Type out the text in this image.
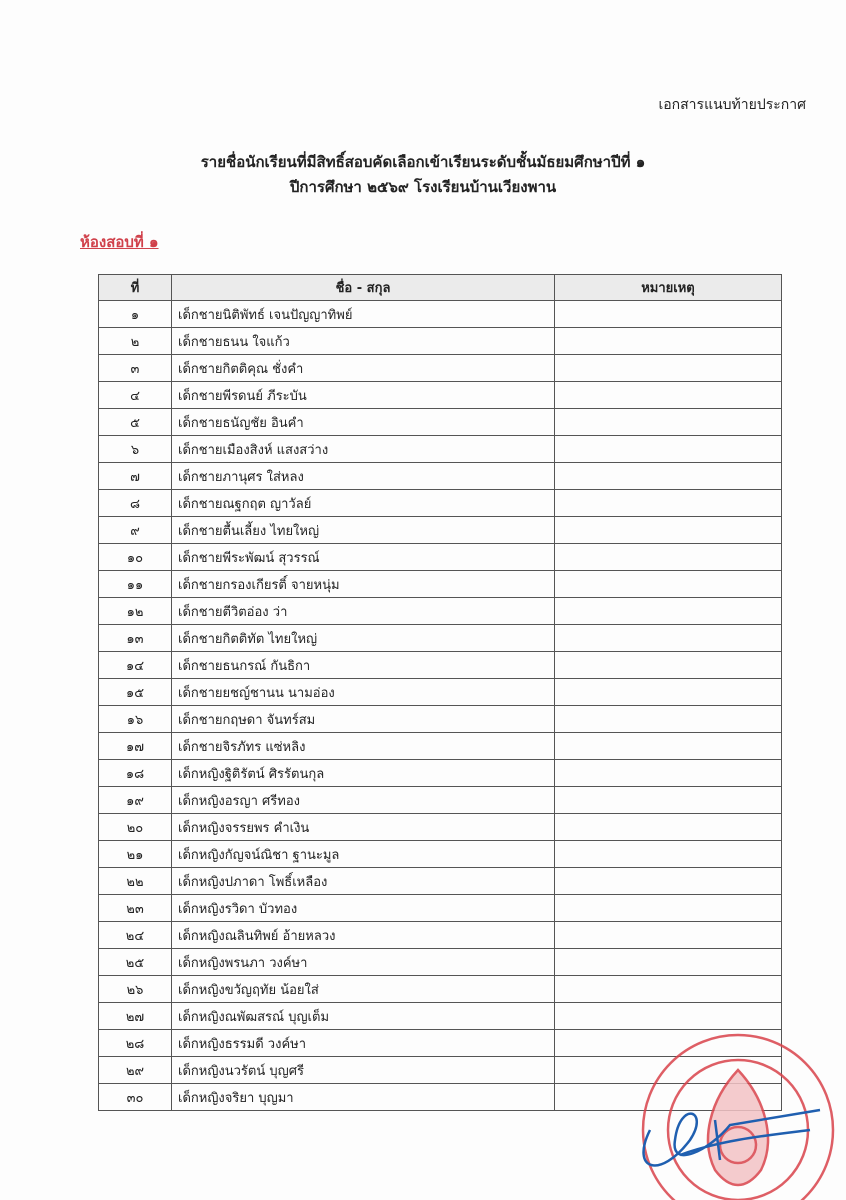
เอกสารแนบท้ายประกาศ
รายชื่อนักเรียนที่มีสิทธิ์สอบคัดเลือกเข้าเรียนระดับชั้นมัธยมศึกษาปีที่ ๑
ปีการศึกษา ๒๕๖๙ โรงเรียนบ้านเวียงพาน
ห้องสอบที่ ๑
ที่	ชื่อ - สกุล	หมายเหตุ
๑	เด็กชายนิติพัทธ์ เจนปัญญาทิพย์	
๒	เด็กชายธนน ใจแก้ว	
๓	เด็กชายกิตติคุณ ชั่งคำ	
๔	เด็กชายพีรดนย์ ภีระบัน	
๕	เด็กชายธนัญชัย อินคำ	
๖	เด็กชายเมืองสิงห์ แสงสว่าง	
๗	เด็กชายภานุศร ใส่หลง	
๘	เด็กชายณฐกฤต ญาวัลย์	
๙	เด็กชายตื้นเลี้ยง ไทยใหญ่	
๑๐	เด็กชายพีระพัฒน์ สุวรรณ์	
๑๑	เด็กชายกรองเกียรติ์ จายหนุ่ม	
๑๒	เด็กชายตีวิตอ่อง ว่า	
๑๓	เด็กชายกิตติทัต ไทยใหญ่	
๑๔	เด็กชายธนกรณ์ กันธิกา	
๑๕	เด็กชายยชญ์ชานน นามอ่อง	
๑๖	เด็กชายกฤษดา จันทร์สม	
๑๗	เด็กชายจิรภัทร แซ่หลิง	
๑๘	เด็กหญิงฐิติรัตน์ ศิรรัตนกุล	
๑๙	เด็กหญิงอรญา ศรีทอง	
๒๐	เด็กหญิงจรรยพร คำเงิน	
๒๑	เด็กหญิงกัญจน์ณิชา ฐานะมูล	
๒๒	เด็กหญิงปภาดา โพธิ์เหลือง	
๒๓	เด็กหญิงรวิดา บัวทอง	
๒๔	เด็กหญิงณลินทิพย์ อ้ายหลวง	
๒๕	เด็กหญิงพรนภา วงค์ษา	
๒๖	เด็กหญิงขวัญฤทัย น้อยใส่	
๒๗	เด็กหญิงณพัฒสรณ์ บุญเต็ม	
๒๘	เด็กหญิงธรรมดี วงค์ษา	
๒๙	เด็กหญิงนวรัตน์ บุญศรี	
๓๐	เด็กหญิงจริยา บุญมา	
